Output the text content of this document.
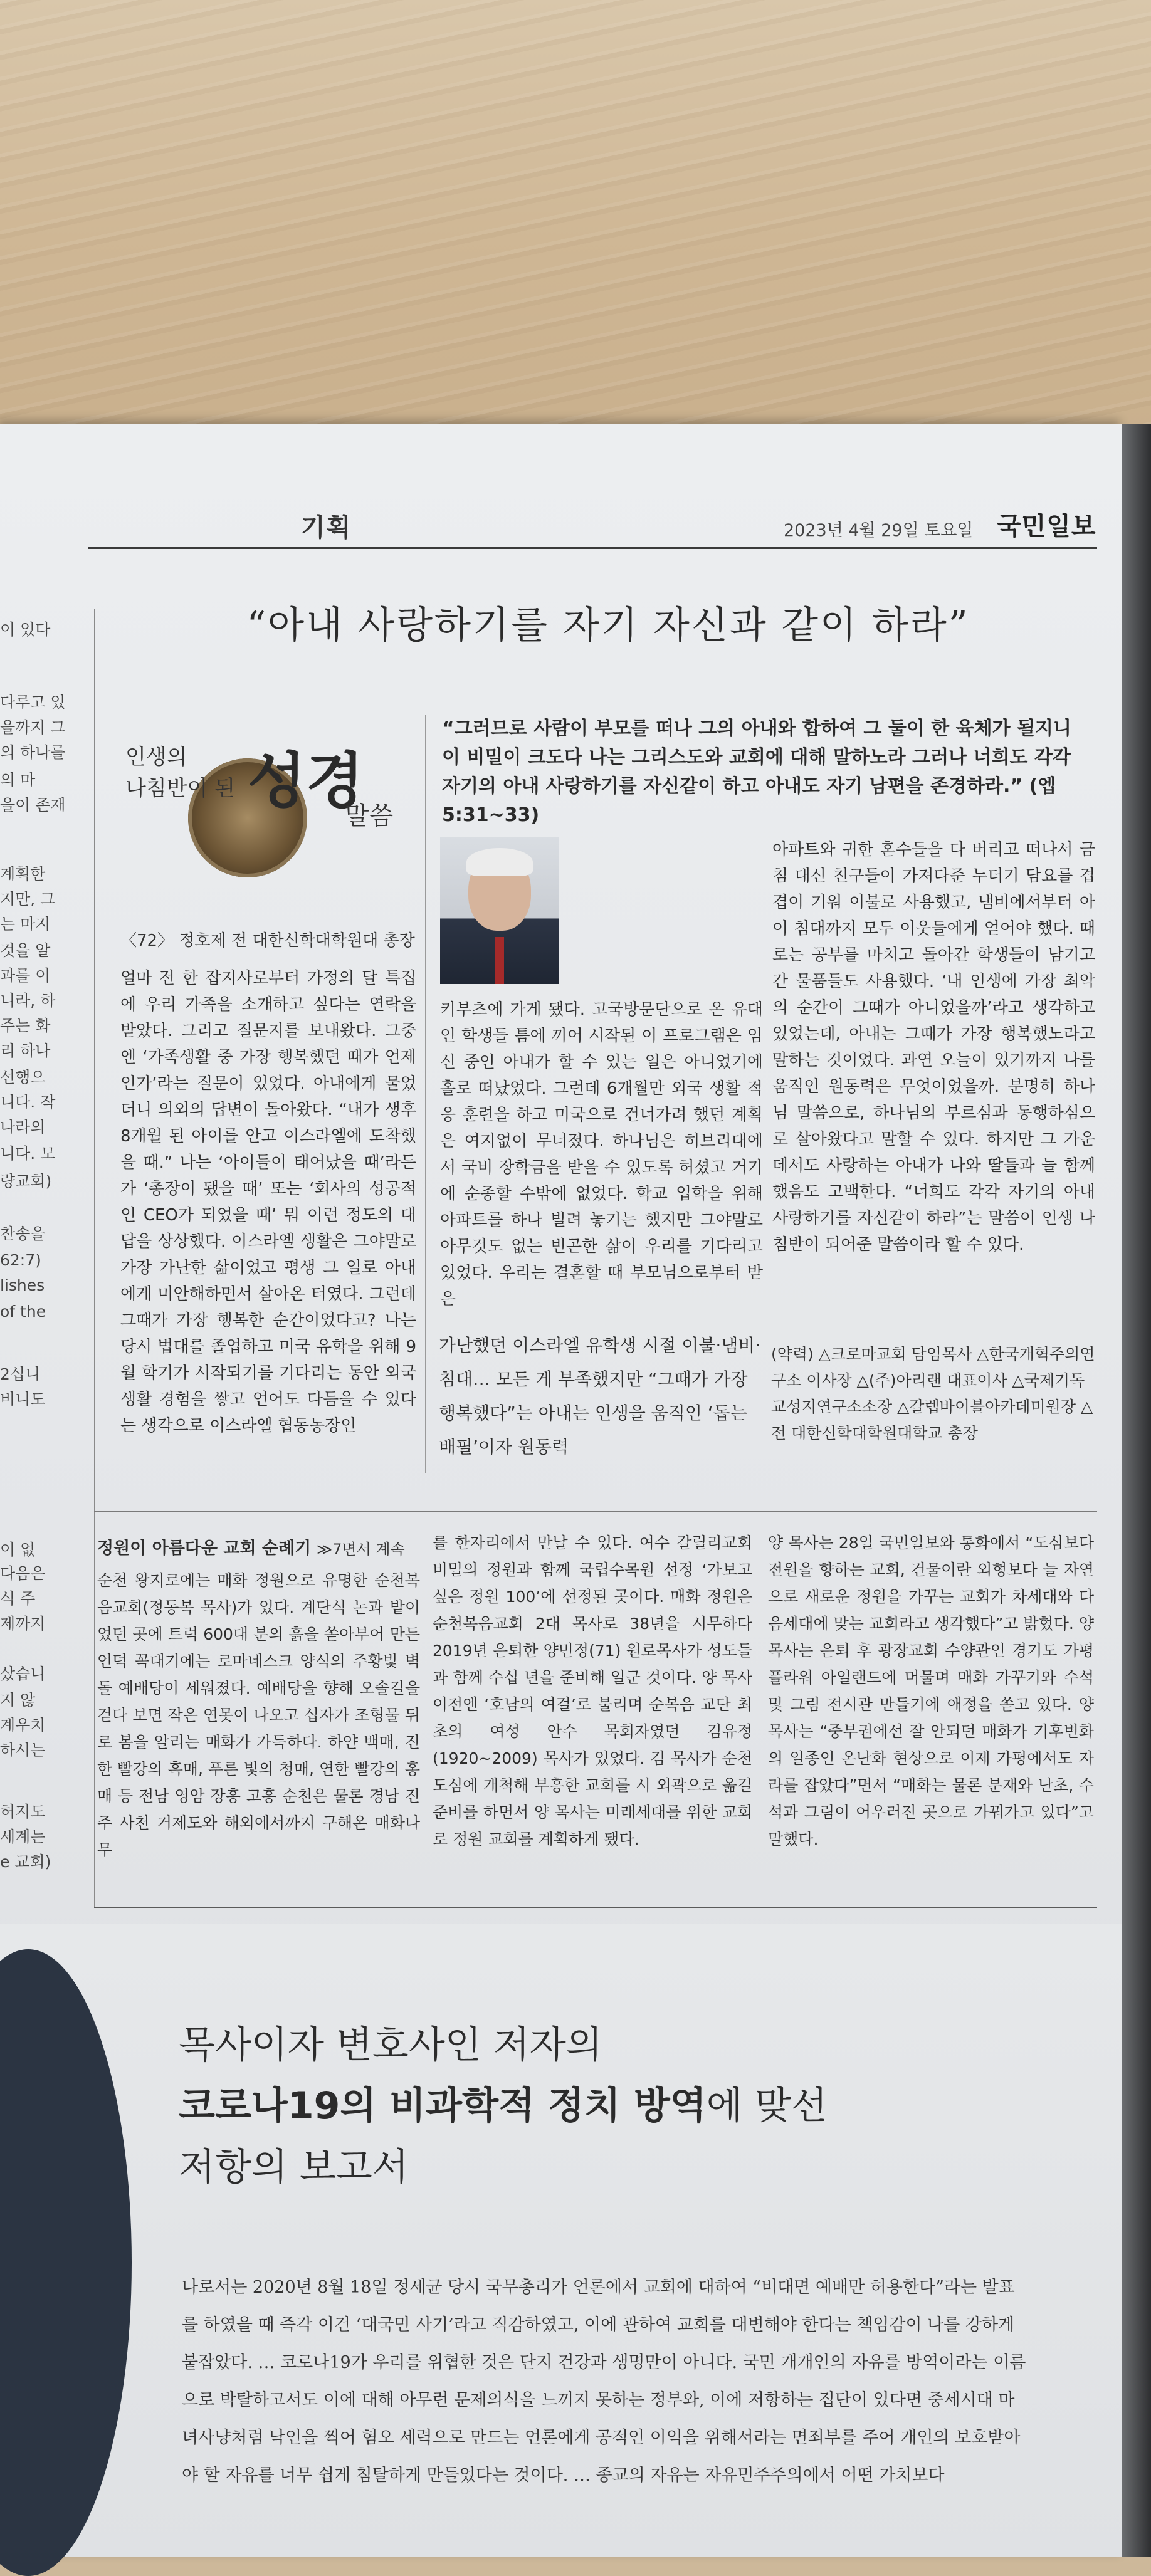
기획	2023년 4월 29일 토요일 국민일보
“아내 사랑하기를 자기 자신과 같이 하라”
이 있다
다루고 있
을까지 그
의 하나를
의 마
을이 존재
계획한
지만, 그
는 마지
것을 알
과를 이
니라, 하
주는 화
리 하나
선행으
니다. 작
나라의
니다. 모
량교회)
찬송을
62:7)
lishes
of the
2십니
비니도
이 없
다음은
식 주
제까지
샀습니
지 않
계우치
하시는
허지도
세계는
e 교회)
인생의
나침반이 된 성경
말씀
〈72〉 정호제 전 대한신학대학원대 총장
“그러므로 사람이 부모를 떠나 그의 아내와 합하여 그 둘이 한 육체가 될지니 이 비밀이 크도다 나는 그리스도와 교회에 대해 말하노라 그러나 너희도 각각 자기의 아내 사랑하기를 자신같이 하고 아내도 자기 남편을 존경하라.” (엡 5:31~33)
얼마 전 한 잡지사로부터 가정의 달 특집에 우리 가족을 소개하고 싶다는 연락을 받았다. 그리고 질문지를 보내왔다. 그중엔 ‘가족생활 중 가장 행복했던 때가 언제인가’라는 질문이 있었다. 아내에게 물었더니 의외의 답변이 돌아왔다. “내가 생후 8개월 된 아이를 안고 이스라엘에 도착했을 때.” 나는 ‘아이들이 태어났을 때’라든가 ‘총장이 됐을 때’ 또는 ‘회사의 성공적인 CEO가 되었을 때’ 뭐 이런 정도의 대답을 상상했다. 이스라엘 생활은 그야말로 가장 가난한 삶이었고 평생 그 일로 아내에게 미안해하면서 살아온 터였다. 그런데 그때가 가장 행복한 순간이었다고? 나는 당시 법대를 졸업하고 미국 유학을 위해 9월 학기가 시작되기를 기다리는 동안 외국 생활 경험을 쌓고 언어도 다듬을 수 있다는 생각으로 이스라엘 협동농장인
키부츠에 가게 됐다. 고국방문단으로 온 유대인 학생들 틈에 끼어 시작된 이 프로그램은 임신 중인 아내가 할 수 있는 일은 아니었기에 홀로 떠났었다. 그런데 6개월만 외국 생활 적응 훈련을 하고 미국으로 건너가려 했던 계획은 여지없이 무너졌다. 하나님은 히브리대에서 국비 장학금을 받을 수 있도록 허셨고 거기에 순종할 수밖에 없었다. 학교 입학을 위해 아파트를 하나 빌려 놓기는 했지만 그야말로 아무것도 없는 빈곤한 삶이 우리를 기다리고 있었다. 우리는 결혼할 때 부모님으로부터 받은
아파트와 귀한 혼수들을 다 버리고 떠나서 금침 대신 친구들이 가져다준 누더기 담요를 겹겹이 기워 이불로 사용했고, 냄비에서부터 아이 침대까지 모두 이웃들에게 얻어야 했다. 때로는 공부를 마치고 돌아간 학생들이 남기고 간 물품들도 사용했다. ‘내 인생에 가장 최악의 순간이 그때가 아니었을까’라고 생각하고 있었는데, 아내는 그때가 가장 행복했노라고 말하는 것이었다. 과연 오늘이 있기까지 나를 움직인 원동력은 무엇이었을까. 분명히 하나님 말씀으로, 하나님의 부르심과 동행하심으로 살아왔다고 말할 수 있다. 하지만 그 가운데서도 사랑하는 아내가 나와 딸들과 늘 함께했음도 고백한다. “너희도 각각 자기의 아내 사랑하기를 자신같이 하라”는 말씀이 인생 나침반이 되어준 말씀이라 할 수 있다.
가난했던 이스라엘 유학생 시절 이불·냄비·침대… 모든 게 부족했지만 “그때가 가장 행복했다”는 아내는 인생을 움직인 ‘돕는 배필’이자 원동력
(약력) △크로마교회 담임목사 △한국개혁주의연구소 이사장 △(주)아리랜 대표이사 △국제기독교성지연구소소장 △갈렙바이블아카데미원장 △전 대한신학대학원대학교 총장
정원이 아름다운 교회 순례기 ≫7면서 계속
순천 왕지로에는 매화 정원으로 유명한 순천복음교회(정동복 목사)가 있다. 계단식 논과 밭이었던 곳에 트럭 600대 분의 흙을 쏟아부어 만든 언덕 꼭대기에는 로마네스크 양식의 주황빛 벽돌 예배당이 세워졌다. 예배당을 향해 오솔길을 걷다 보면 작은 연못이 나오고 십자가 조형물 뒤로 봄을 알리는 매화가 가득하다. 하얀 백매, 진한 빨강의 흑매, 푸른 빛의 청매, 연한 빨강의 홍매 등 전남 영암 장흥 고흥 순천은 물론 경남 진주 사천 거제도와 해외에서까지 구해온 매화나무
를 한자리에서 만날 수 있다. 여수 갈릴리교회 비밀의 정원과 함께 국립수목원 선정 ‘가보고 싶은 정원 100’에 선정된 곳이다. 매화 정원은 순천복음교회 2대 목사로 38년을 시무하다 2019년 은퇴한 양민정(71) 원로목사가 성도들과 함께 수십 년을 준비해 일군 것이다. 양 목사 이전엔 ‘호남의 여걸’로 불리며 순복음 교단 최초의 여성 안수 목회자였던 김유정(1920~2009) 목사가 있었다. 김 목사가 순천 도심에 개척해 부흥한 교회를 시 외곽으로 옮길 준비를 하면서 양 목사는 미래세대를 위한 교회로 정원 교회를 계획하게 됐다.
양 목사는 28일 국민일보와 통화에서 “도심보다 전원을 향하는 교회, 건물이란 외형보다 늘 자연으로 새로운 정원을 가꾸는 교회가 차세대와 다음세대에 맞는 교회라고 생각했다”고 밝혔다. 양 목사는 은퇴 후 광장교회 수양관인 경기도 가평 플라워 아일랜드에 머물며 매화 가꾸기와 수석 및 그림 전시관 만들기에 애정을 쏟고 있다. 양 목사는 “중부권에선 잘 안되던 매화가 기후변화의 일종인 온난화 현상으로 이제 가평에서도 자라를 잡았다”면서 “매화는 물론 분재와 난초, 수석과 그림이 어우러진 곳으로 가꿔가고 있다”고 말했다.
목사이자 변호사인 저자의
코로나19의 비과학적 정치 방역에 맞선
저항의 보고서
나로서는 2020년 8월 18일 정세균 당시 국무총리가 언론에서 교회에 대하여 “비대면 예배만 허용한다”라는 발표를 하였을 때 즉각 이건 ‘대국민 사기’라고 직감하였고, 이에 관하여 교회를 대변해야 한다는 책임감이 나를 강하게 붙잡았다. … 코로나19가 우리를 위협한 것은 단지 건강과 생명만이 아니다. 국민 개개인의 자유를 방역이라는 이름으로 박탈하고서도 이에 대해 아무런 문제의식을 느끼지 못하는 정부와, 이에 저항하는 집단이 있다면 중세시대 마녀사냥처럼 낙인을 찍어 혐오 세력으로 만드는 언론에게 공적인 이익을 위해서라는 면죄부를 주어 개인의 보호받아야 할 자유를 너무 쉽게 침탈하게 만들었다는 것이다. … 종교의 자유는 자유민주주의에서 어떤 가치보다
